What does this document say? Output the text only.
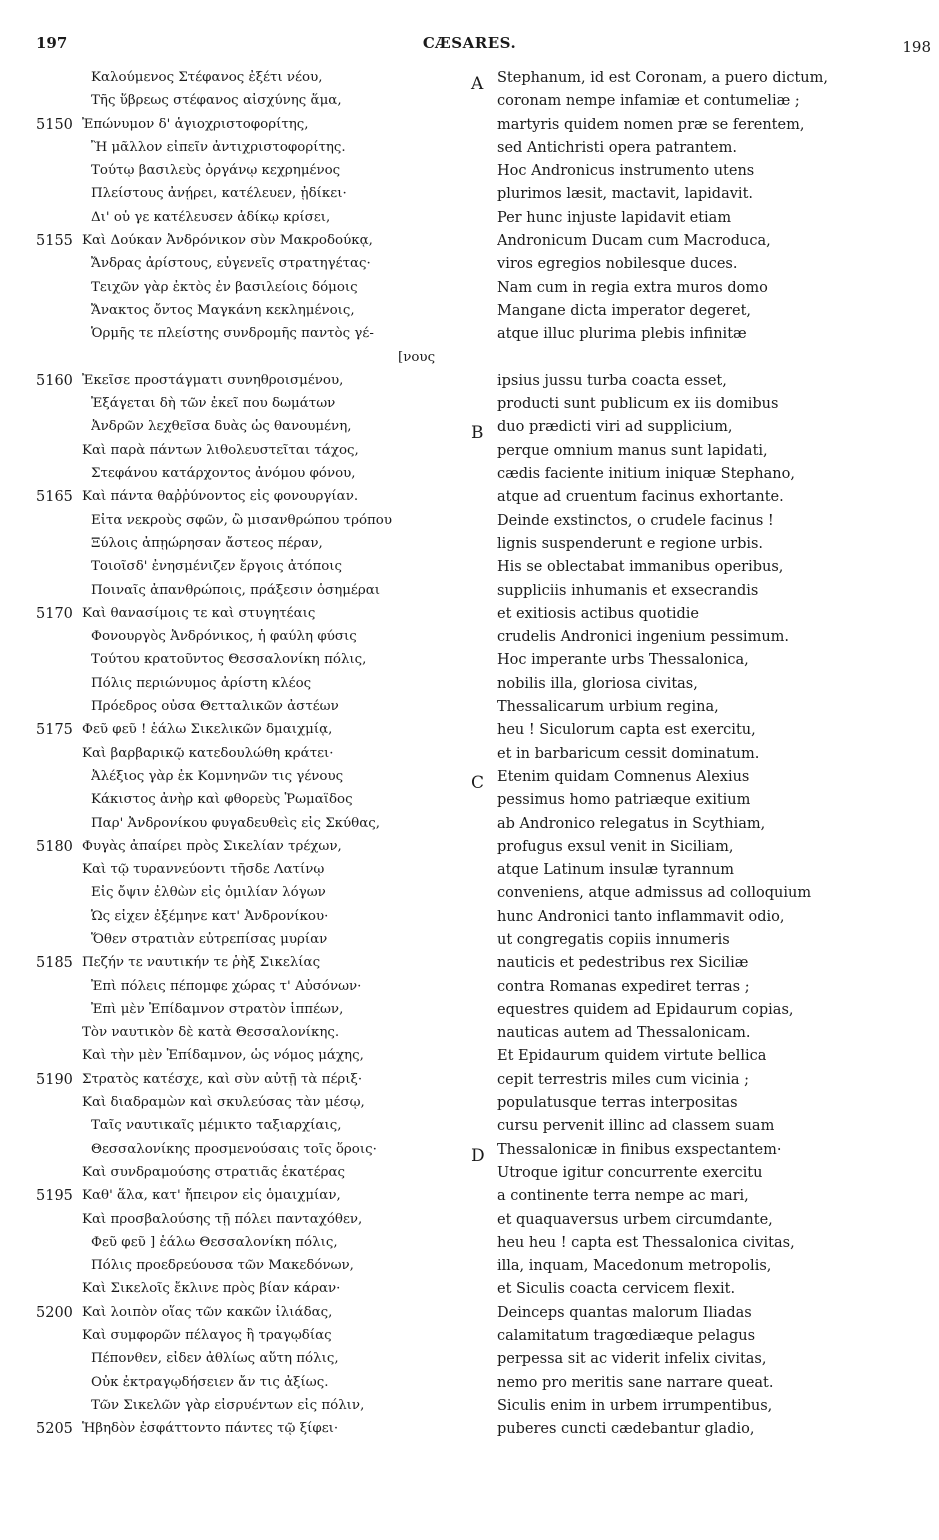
197	CÆSARES.	198
Καλούμενος Στέφανος ἐξέτι νέου,	A Stephanum, id est Coronam, a puero dictum,
Τῆς ὕβρεως στέφανος αἰσχύνης ἅμα,	coronam nempe infamiæ et contumeliæ ;
5150 Ἐπώνυμον δ' ἁγιοχριστοφορίτης,	martyris quidem nomen præ se ferentem,
Ἢ μᾶλλον εἰπεῖν ἀντιχριστοφορίτης.	sed Antichristi opera patrantem.
Τούτῳ βασιλεὺς ὀργάνῳ κεχρημένος	Hoc Andronicus instrumento utens
Πλείστους ἀνῄρει, κατέλευεν, ᾐδίκει·	plurimos læsit, mactavit, lapidavit.
Δι' οὗ γε κατέλευσεν ἀδίκῳ κρίσει,	Per hunc injuste lapidavit etiam
5155 Καὶ Δούκαν Ἀνδρόνικον σὺν Μακροδούκᾳ,	Andronicum Ducam cum Macroduca,
Ἄνδρας ἀρίστους, εὐγενεῖς στρατηγέτας·	viros egregios nobilesque duces.
Τειχῶν γὰρ ἐκτὸς ἐν βασιλείοις δόμοις	Nam cum in regia extra muros domo
Ἄνακτος ὄντος Μαγκάνη κεκλημένοις,	Mangane dicta imperator degeret,
Ὁρμῆς τε πλείστης συνδρομῆς παντὸς γέ-	atque illuc plurima plebis infinitæ
[νους
5160 Ἐκεῖσε προστάγματι συνηθροισμένου,	ipsius jussu turba coacta esset,
Ἐξάγεται δὴ τῶν ἐκεῖ που δωμάτων	producti sunt publicum ex iis domibus
Ἀνδρῶν λεχθεῖσα δυὰς ὡς θανουμένη,	B duo prædicti viri ad supplicium,
Καὶ παρὰ πάντων λιθολευστεῖται τάχος,	perque omnium manus sunt lapidati,
Στεφάνου κατάρχοντος ἀνόμου φόνου,	cædis faciente initium iniquæ Stephano,
5165 Καὶ πάντα θαῤῥύνοντος εἰς φονουργίαν.	atque ad cruentum facinus exhortante.
Εἶτα νεκροὺς σφῶν, ὢ μισανθρώπου τρόπου	Deinde exstinctos, o crudele facinus !
Ξύλοις ἀπῃώρησαν ἄστεος πέραν,	lignis suspenderunt e regione urbis.
Τοιοῖσδ' ἐνησμένιζεν ἔργοις ἀτόποις	His se oblectabat immanibus operibus,
Ποιναῖς ἀπανθρώποις, πράξεσιν ὁσημέραι	suppliciis inhumanis et exsecrandis
5170 Καὶ θανασίμοις τε καὶ στυγητέαις	et exitiosis actibus quotidie
Φονουργὸς Ἀνδρόνικος, ἡ φαύλη φύσις	crudelis Andronici ingenium pessimum.
Τούτου κρατοῦντος Θεσσαλονίκη πόλις,	Hoc imperante urbs Thessalonica,
Πόλις περιώνυμος ἀρίστη κλέος	nobilis illa, gloriosa civitas,
Πρόεδρος οὖσα Θετταλικῶν ἀστέων	Thessalicarum urbium regina,
5175 Φεῦ φεῦ ! ἑάλω Σικελικῶν δμαιχμίᾳ,	heu ! Siculorum capta est exercitu,
Καὶ βαρβαρικῷ κατεδουλώθη κράτει·	et in barbaricum cessit dominatum.
Ἀλέξιος γὰρ ἐκ Κομνηνῶν τις γένους	C Etenim quidam Comnenus Alexius
Κάκιστος ἀνὴρ καὶ φθορεὺς Ῥωμαΐδος	pessimus homo patriæque exitium
Παρ' Ἀνδρονίκου φυγαδευθεὶς εἰς Σκύθας,	ab Andronico relegatus in Scythiam,
5180 Φυγὰς ἀπαίρει πρὸς Σικελίαν τρέχων,	profugus exsul venit in Siciliam,
Καὶ τῷ τυραννεύοντι τῆσδε Λατίνῳ	atque Latinum insulæ tyrannum
Εἰς ὄψιν ἐλθὼν εἰς ὁμιλίαν λόγων	conveniens, atque admissus ad colloquium
Ὡς εἶχεν ἐξέμηνε κατ' Ἀνδρονίκου·	hunc Andronici tanto inflammavit odio,
Ὅθεν στρατιὰν εὐτρεπίσας μυρίαν	ut congregatis copiis innumeris
5185 Πεζήν τε ναυτικήν τε ῥὴξ Σικελίας	nauticis et pedestribus rex Siciliæ
Ἐπὶ πόλεις πέπομφε χώρας τ' Αὐσόνων·	contra Romanas expediret terras ;
Ἐπὶ μὲν Ἐπίδαμνον στρατὸν ἱππέων,	equestres quidem ad Epidaurum copias,
Τὸν ναυτικὸν δὲ κατὰ Θεσσαλονίκης.	nauticas autem ad Thessalonicam.
Καὶ τὴν μὲν Ἐπίδαμνον, ὡς νόμος μάχης,	Et Epidaurum quidem virtute bellica
5190 Στρατὸς κατέσχε, καὶ σὺν αὐτῇ τὰ πέριξ·	cepit terrestris miles cum vicinia ;
Καὶ διαδραμὼν καὶ σκυλεύσας τὰν μέσῳ,	populatusque terras interpositas
Ταῖς ναυτικαῖς μέμικτο ταξιαρχίαις,	cursu pervenit illinc ad classem suam
Θεσσαλονίκης προσμενούσαις τοῖς ὅροις·	D Thessalonicæ in finibus exspectantem·
Καὶ συνδραμούσης στρατιᾶς ἑκατέρας	Utroque igitur concurrente exercitu
5195 Καθ' ἅλα, κατ' ἤπειρον εἰς ὁμαιχμίαν,	a continente terra nempe ac mari,
Καὶ προσβαλούσης τῇ πόλει πανταχόθεν,	et quaquaversus urbem circumdante,
Φεῦ φεῦ ] ἑάλω Θεσσαλονίκη πόλις,	heu heu ! capta est Thessalonica civitas,
Πόλις προεδρεύουσα τῶν Μακεδόνων,	illa, inquam, Macedonum metropolis,
Καὶ Σικελοῖς ἔκλινε πρὸς βίαν κάραν·	et Siculis coacta cervicem flexit.
5200 Καὶ λοιπὸν οἵας τῶν κακῶν ἰλιάδας,	Deinceps quantas malorum Iliadas
Καὶ συμφορῶν πέλαγος ἢ τραγῳδίας	calamitatum tragœdiæque pelagus
Πέπονθεν, εἶδεν ἀθλίως αὕτη πόλις,	perpessa sit ac viderit infelix civitas,
Οὐκ ἐκτραγῳδήσειεν ἄν τις ἀξίως.	nemo pro meritis sane narrare queat.
Τῶν Σικελῶν γὰρ εἰσρυέντων εἰς πόλιν,	Siculis enim in urbem irrumpentibus,
5205 Ἡβηδὸν ἐσφάττοντο πάντες τῷ ξίφει·	puberes cuncti cædebantur gladio,
